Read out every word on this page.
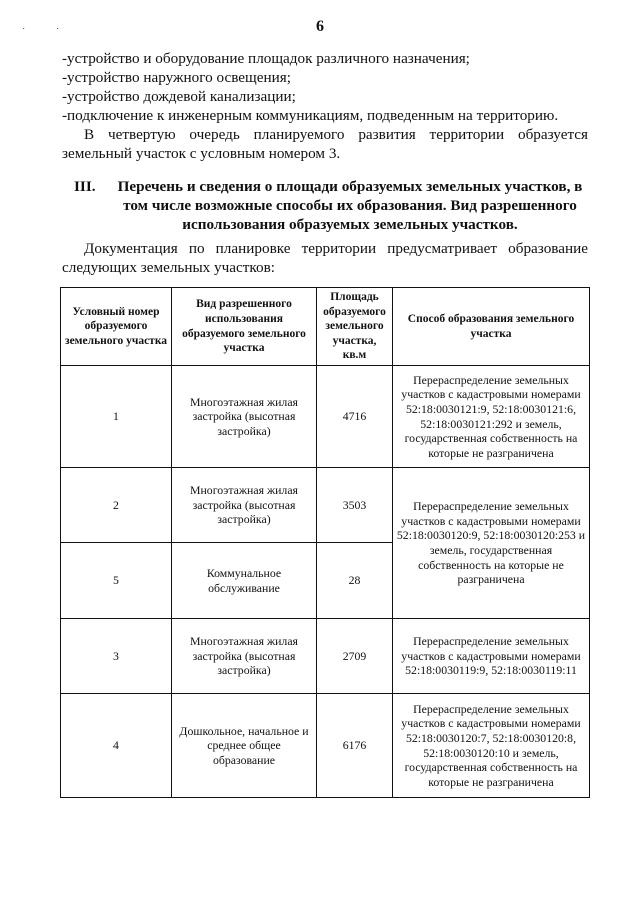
6
˙ ˙

-устройство и оборудование площадок различного назначения;

-устройство наружного освещения;

-устройство дождевой канализации;

-подключение к инженерным коммуникациям, подведенным на территорию.

В четвертую очередь планируемого развития территории образуется

земельный участок с условным номером 3.

III.	Перечень и сведения о площади образуемых земельных участков, в том числе возможные способы их образования. Вид разрешенного использования образуемых земельных участков.

Документация по планировке территории предусматривает образование

следующих земельных участков:

Условный номер образуемого земельного участка	Вид разрешенного использования образуемого земельного участка	Площадь образуемого земельного участка, кв.м	Способ образования земельного участка
1	Многоэтажная жилая застройка (высотная застройка)	4716	Перераспределение земельных участков с кадастровыми номерами 52:18:0030121:9, 52:18:0030121:6, 52:18:0030121:292 и земель, государственная собственность на которые не разграничена
2	Многоэтажная жилая застройка (высотная застройка)	3503	Перераспределение земельных участков с кадастровыми номерами 52:18:0030120:9, 52:18:0030120:253 и земель, государственная собственность на которые не разграничена
5	Коммунальное обслуживание	28	
3	Многоэтажная жилая застройка (высотная застройка)	2709	Перераспределение земельных участков с кадастровыми номерами 52:18:0030119:9, 52:18:0030119:11
4	Дошкольное, начальное и среднее общее образование	6176	Перераспределение земельных участков с кадастровыми номерами 52:18:0030120:7, 52:18:0030120:8, 52:18:0030120:10 и земель, государственная собственность на которые не разграничена
